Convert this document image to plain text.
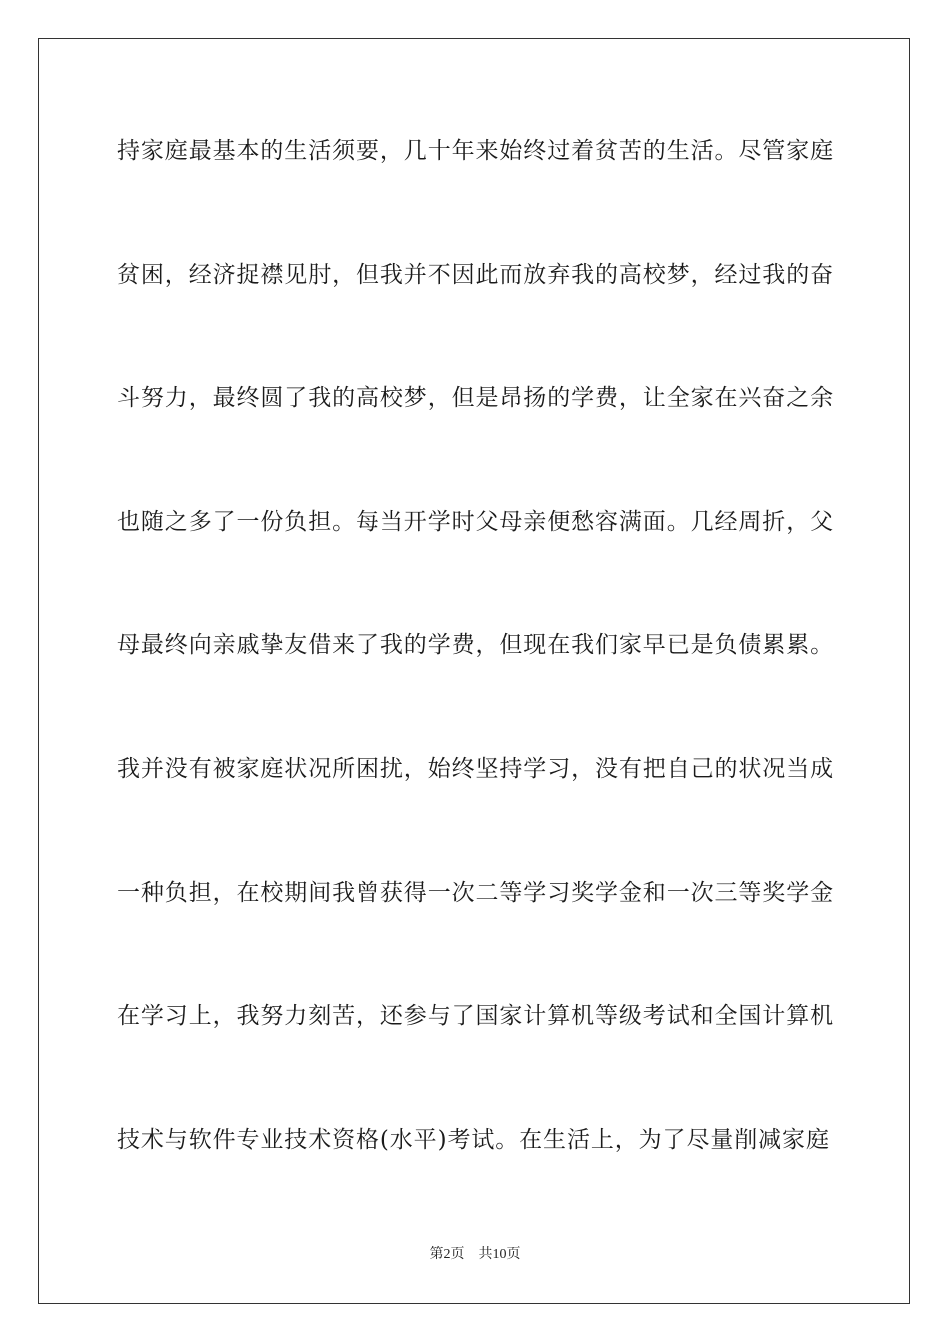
持家庭最基本的生活须要，几十年来始终过着贫苦的生活。尽管家庭
贫困，经济捉襟见肘，但我并不因此而放弃我的高校梦，经过我的奋
斗努力，最终圆了我的高校梦，但是昂扬的学费，让全家在兴奋之余
也随之多了一份负担。每当开学时父母亲便愁容满面。几经周折，父
母最终向亲戚挚友借来了我的学费，但现在我们家早已是负债累累。
我并没有被家庭状况所困扰，始终坚持学习，没有把自己的状况当成
一种负担，在校期间我曾获得一次二等学习奖学金和一次三等奖学金
在学习上，我努力刻苦，还参与了国家计算机等级考试和全国计算机
技术与软件专业技术资格(水平)考试。在生活上，为了尽量削减家庭
第2页 共10页
